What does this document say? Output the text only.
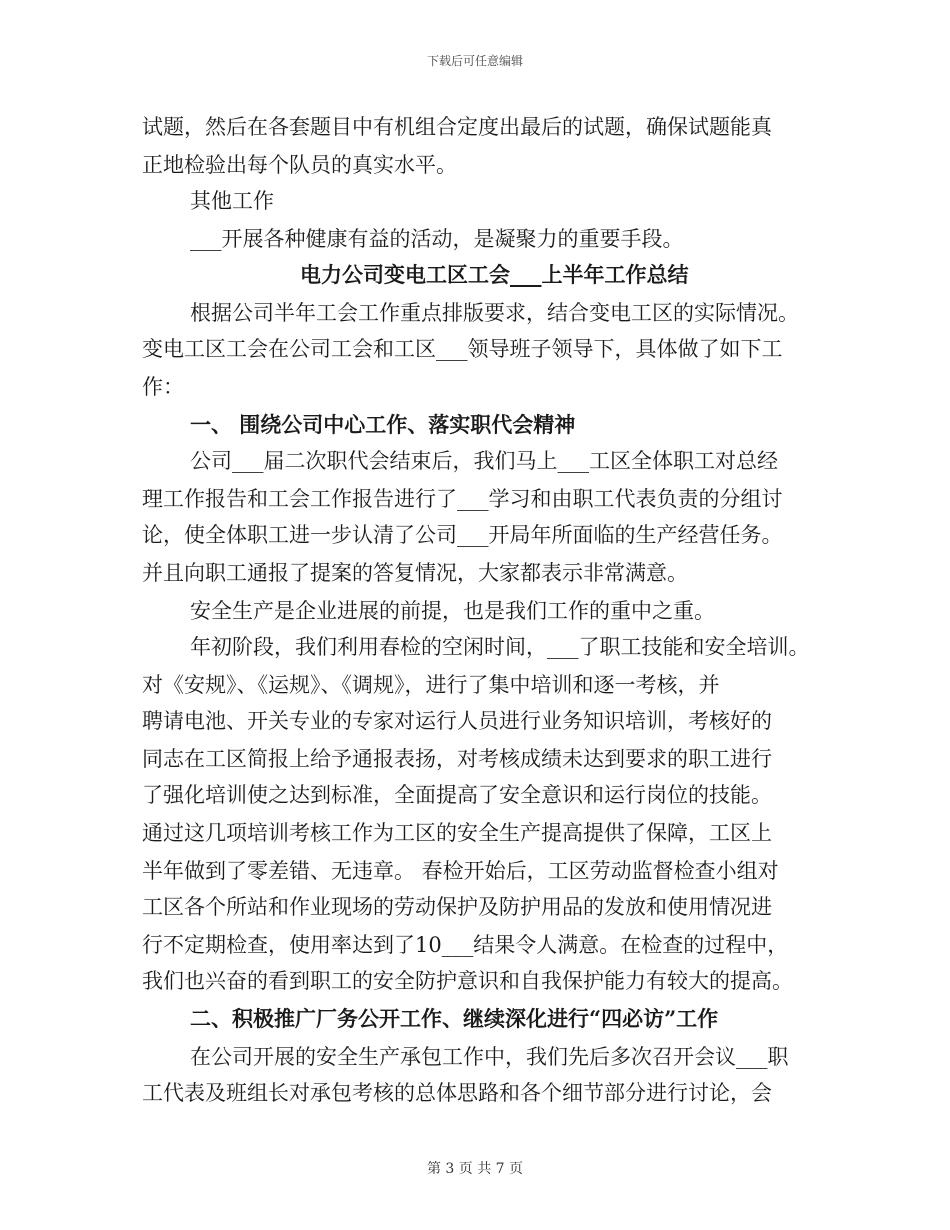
下载后可任意编辑
试题，然后在各套题目中有机组合定度出最后的试题，确保试题能真
正地检验出每个队员的真实水平。
其他工作
___开展各种健康有益的活动，是凝聚力的重要手段。
电力公司变电工区工会___上半年工作总结
根据公司半年工会工作重点排版要求，结合变电工区的实际情况。
变电工区工会在公司工会和工区___领导班子领导下，具体做了如下工
作：
一、 围绕公司中心工作、落实职代会精神
公司___届二次职代会结束后，我们马上___工区全体职工对总经
理工作报告和工会工作报告进行了___学习和由职工代表负责的分组讨
论，使全体职工进一步认清了公司___开局年所面临的生产经营任务。
并且向职工通报了提案的答复情况，大家都表示非常满意。
安全生产是企业进展的前提，也是我们工作的重中之重。
年初阶段，我们利用春检的空闲时间，___了职工技能和安全培训。
对《安规》、《运规》、《调规》，进行了集中培训和逐一考核，并
聘请电池、开关专业的专家对运行人员进行业务知识培训，考核好的
同志在工区简报上给予通报表扬，对考核成绩未达到要求的职工进行
了强化培训使之达到标准，全面提高了安全意识和运行岗位的技能。
通过这几项培训考核工作为工区的安全生产提高提供了保障，工区上
半年做到了零差错、无违章。 春检开始后，工区劳动监督检查小组对
工区各个所站和作业现场的劳动保护及防护用品的发放和使用情况进
行不定期检查，使用率达到了10___结果令人满意。在检查的过程中，
我们也兴奋的看到职工的安全防护意识和自我保护能力有较大的提高。
二、积极推广厂务公开工作、继续深化进行“四必访”工作
在公司开展的安全生产承包工作中，我们先后多次召开会议___职
工代表及班组长对承包考核的总体思路和各个细节部分进行讨论，会
第 3 页 共 7 页
